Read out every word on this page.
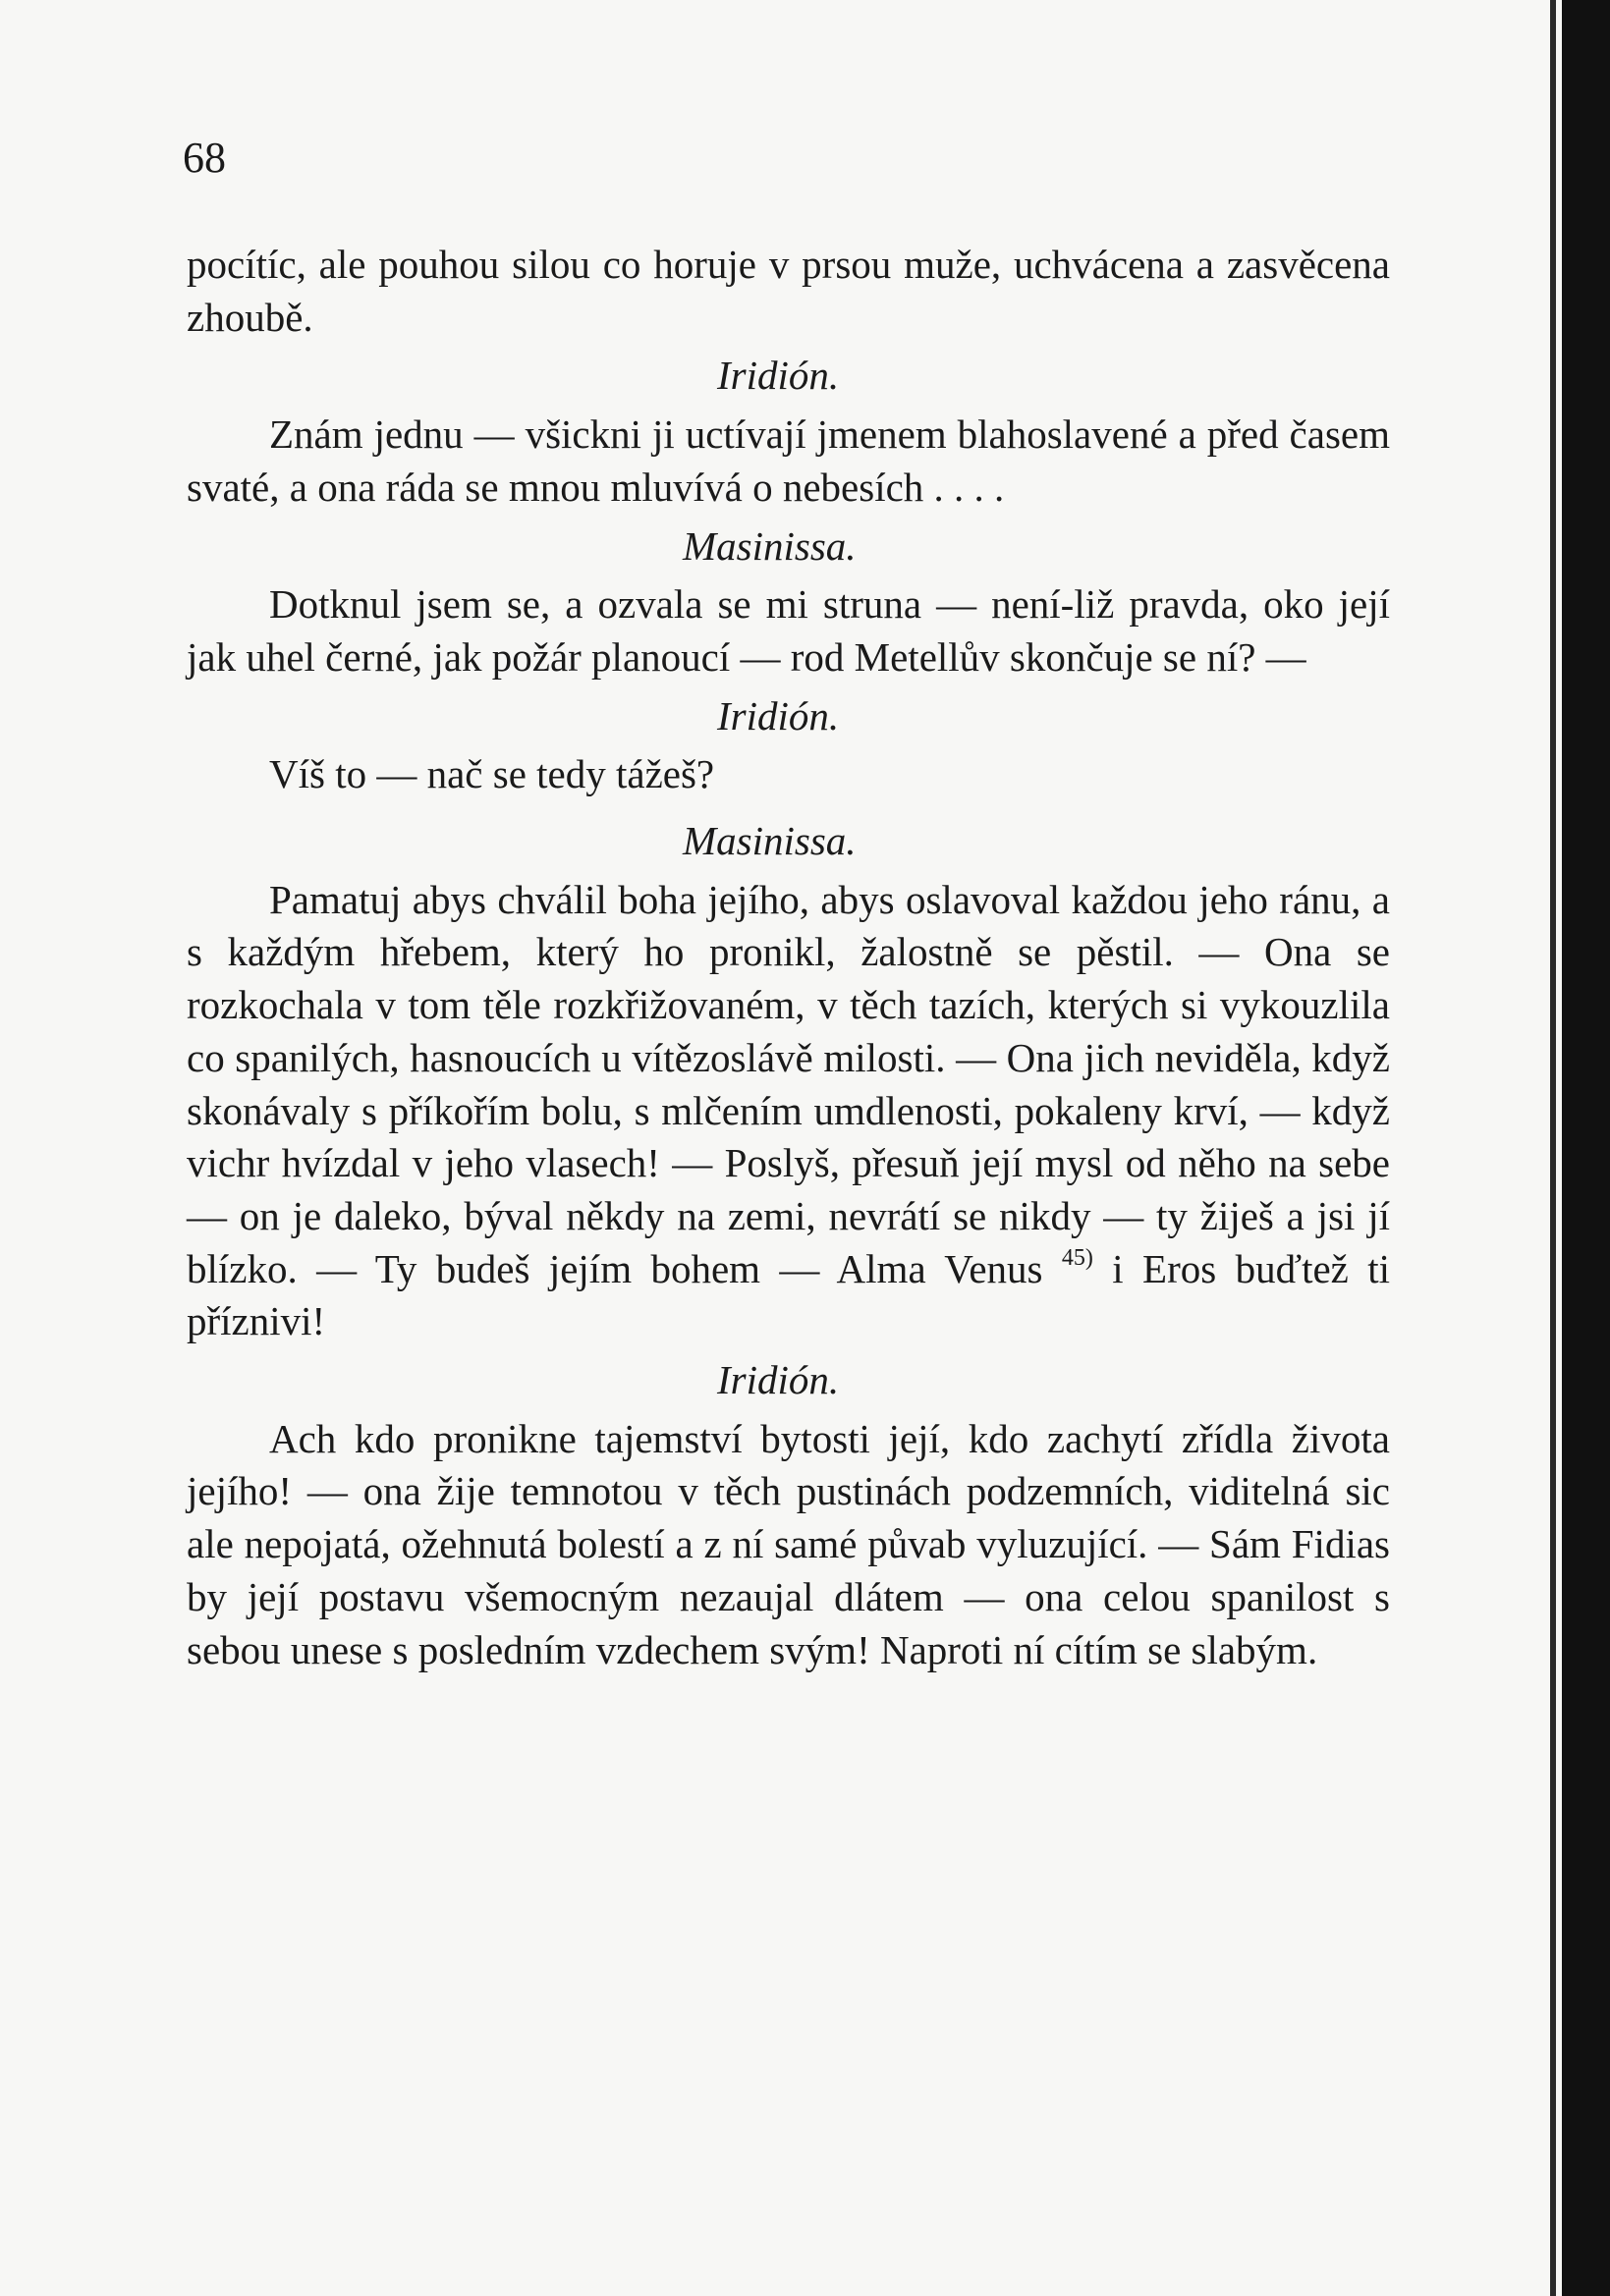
68

pocítíc, ale pouhou silou co horuje v prsou muže, uchvácena a zasvěcena zhoubě.

Iridión.

Znám jednu — všickni ji uctívají jmenem blahoslavené a před časem svaté, a ona ráda se mnou mluvívá o nebesích . . . .

Masinissa.

Dotknul jsem se, a ozvala se mi struna — není-liž pravda, oko její jak uhel černé, jak požár planoucí — rod Metellův skončuje se ní? —

Iridión.

Víš to — nač se tedy tážeš?

Masinissa.

Pamatuj abys chválil boha jejího, abys oslavoval každou jeho ránu, a s každým hřebem, který ho pronikl, žalostně se pěstil. — Ona se rozkochala v tom těle rozkřižovaném, v těch tazích, kterých si vykouzlila co spanilých, hasnoucích u vítězoslávě milosti. — Ona jich neviděla, když skonávaly s příkořím bolu, s mlčením umdlenosti, pokaleny krví, — když vichr hvízdal v jeho vlasech! — Poslyš, přesuň její mysl od něho na sebe — on je daleko, býval někdy na zemi, nevrátí se nikdy — ty žiješ a jsi jí blízko. — Ty budeš jejím bohem — Alma Venus $^{45)}$ i Eros buďtež ti příznivi!

Iridión.

Ach kdo pronikne tajemství bytosti její, kdo zachytí zřídla života jejího! — ona žije temnotou v těch pustinách podzemních, viditelná sic ale nepojatá, ožehnutá bolestí a z ní samé půvab vyluzující. — Sám Fidias by její postavu všemocným nezaujal dlátem — ona celou spanilost s sebou unese s posledním vzdechem svým! Naproti ní cítím se slabým.
